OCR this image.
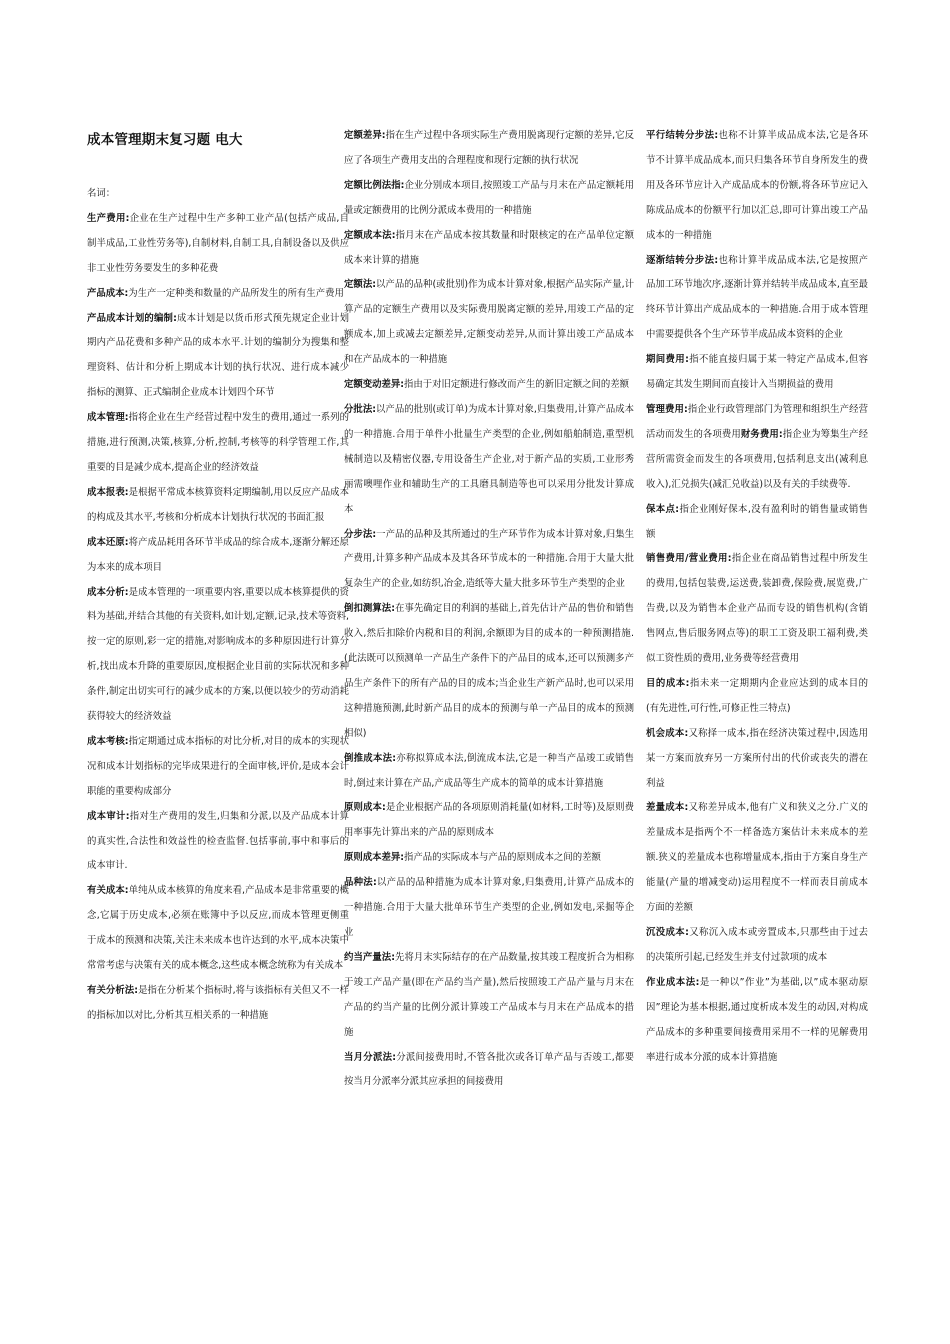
成本管理期末复习题 电大
名词：

生产费用:企业在生产过程中生产多种工业产品(包括产成品,自制半成品,工业性劳务等),自制材料,自制工具,自制设备以及供应非工业性劳务要发生的多种花费

产品成本:为生产一定种类和数量的产品所发生的所有生产费用

产品成本计划的编制:成本计划是以货币形式预先规定企业计划期内产品花费和多种产品的成本水平.计划的编制分为搜集和整理资料、估计和分析上期成本计划的执行状况、进行成本减少指标的测算、正式编制企业成本计划四个环节

成本管理:指将企业在生产经营过程中发生的费用,通过一系列的措施,进行预测,决策,核算,分析,控制,考核等的科学管理工作,其重要的目是减少成本,提高企业的经济效益

成本报表:是根据平常成本核算资料定期编制,用以反应产品成本的构成及其水平,考核和分析成本计划执行状况的书面汇报

成本还原:将产成品耗用各环节半成品的综合成本,逐渐分解还原为本来的成本项目

成本分析:是成本管理的一项重要内容,重要以成本核算提供的资料为基础,并结合其他的有关资料,如计划,定额,记录,技术等资料,按一定的原则,彩一定的措施,对影响成本的多种原因进行计算分析,找出成本升降的重要原因,度根据企业目前的实际状况和多种条件,制定出切实可行的减少成本的方案,以便以较少的劳动消耗获得较大的经济效益

成本考核:指定期通过成本指标的对比分析,对目的成本的实现状况和成本计划指标的完毕成果进行的全面审核,评价,是成本会计职能的重要构成部分

成本审计:指对生产费用的发生,归集和分派,以及产品成本计算的真实性,合法性和效益性的检查监督.包括事前,事中和事后的成本审计.

有关成本:单纯从成本核算的角度来看,产品成本是非常重要的概念,它属于历史成本,必须在账簿中予以反应,而成本管理更侧重于成本的预测和决策,关注未来成本也许达到的水平,成本决策中常常考虑与决策有关的成本概念,这些成本概念统称为有关成本

有关分析法:是指在分析某个指标时,将与该指标有关但又不一样的指标加以对比,分析其互相关系的一种措施

定额差异:指在生产过程中各项实际生产费用脱离现行定额的差异,它反应了各项生产费用支出的合理程度和现行定额的执行状况

定额比例法指:企业分别成本项目,按照竣工产品与月末在产品定额耗用量或定额费用的比例分派成本费用的一种措施

定额成本法:指月末在产品成本按其数量和时限核定的在产品单位定额成本来计算的措施

定额法:以产品的品种(或批别)作为成本计算对象,根据产品实际产量,计算产品的定额生产费用以及实际费用脱离定额的差异,用竣工产品的定额成本,加上或减去定额差异,定额变动差异,从而计算出竣工产品成本和在产品成本的一种措施

定额变动差异:指由于对旧定额进行修改而产生的新旧定额之间的差额

分批法:以产品的批别(或订单)为成本计算对象,归集费用,计算产品成本的一种措施.合用于单件小批量生产类型的企业,例如船舶制造,重型机械制造以及精密仪器,专用设备生产企业,对于新产品的实质,工业形秀丽需噢哩作业和辅助生产的工具磨具制造等也可以采用分批发计算成本

分步法:一产品的品种及其所通过的生产环节作为成本计算对象,归集生产费用,计算多种产品成本及其各环节成本的一种措施.合用于大量大批复杂生产的企业,如纺织,冶金,造纸等大量大批多环节生产类型的企业

倒扣测算法:在事先确定目的利润的基础上,首先估计产品的售价和销售收入,然后扣除价内税和目的利润,余额即为目的成本的一种预测措施.(此法既可以预测单一产品生产条件下的产品目的成本,还可以预测多产品生产条件下的所有产品的目的成本;当企业生产新产品时,也可以采用这种措施预测,此时新产品目的成本的预测与单一产品目的成本的预测相似)

倒推成本法:亦称拟算成本法,倒流成本法,它是一种当产品竣工或销售时,倒过来计算在产品,产成品等生产成本的简单的成本计算措施

原则成本:是企业根据产品的各项原则消耗量(如材料,工时等)及原则费用率事先计算出来的产品的原则成本

原则成本差异:指产品的实际成本与产品的原则成本之间的差额

品种法:以产品的品种措施为成本计算对象,归集费用,计算产品成本的一种措施.合用于大量大批单环节生产类型的企业,例如发电,采掘等企业

约当产量法:先将月末实际结存的在产品数量,按其竣工程度折合为相称于竣工产品产量(即在产品约当产量),然后按照竣工产品产量与月末在产品的约当产量的比例分派计算竣工产品成本与月末在产品成本的措施

当月分派法:分派间接费用时,不管各批次或各订单产品与否竣工,都要按当月分派率分派其应承担的间接费用

平行结转分步法:也称不计算半成品成本法,它是各环节不计算半成品成本,而只归集各环节自身所发生的费用及各环节应计入产成品成本的份额,将各环节应记入陈成品成本的份额平行加以汇总,即可计算出竣工产品成本的一种措施

逐渐结转分步法:也称计算半成品成本法,它是按照产品加工环节地次序,逐渐计算并结转半成品成本,直至最终环节计算出产成品成本的一种措施.合用于成本管理中需要提供各个生产环节半成品成本资料的企业

期间费用:指不能直接归属于某一特定产品成本,但容易确定其发生期间而直接计入当期损益的费用

管理费用:指企业行政管理部门为管理和组织生产经营活动而发生的各项费用财务费用:指企业为筹集生产经营所需资金而发生的各项费用,包括利息支出(减利息收入),汇兑损失(减汇兑收益)以及有关的手续费等.

保本点:指企业刚好保本,没有盈利时的销售量或销售额

销售费用/营业费用:指企业在商品销售过程中所发生的费用,包括包装费,运送费,装卸费,保险费,展览费,广告费,以及为销售本企业产品而专设的销售机构(含销售网点,售后服务网点等)的职工工资及职工福利费,类似工资性质的费用,业务费等经营费用

目的成本:指未来一定期期内企业应达到的成本目的(有先进性,可行性,可修正性三特点)

机会成本:又称择一成本,指在经济决策过程中,因选用某一方案而放弃另一方案所付出的代价或丧失的潜在利益

差量成本:又称差异成本,他有广义和狭义之分.广义的差量成本是指两个不一样备选方案估计未来成本的差额.狭义的差量成本也称增量成本,指由于方案自身生产能量(产量的增减变动)运用程度不一样而表目前成本方面的差额

沉没成本:又称沉入成本或旁置成本,只那些由于过去的决策所引起,已经发生并支付过款项的成本

作业成本法:是一种以”作业”为基础,以”成本驱动原因”理论为基本根据,通过度析成本发生的动因,对构成产品成本的多种重要间接费用采用不一样的见解费用率进行成本分派的成本计算措施
